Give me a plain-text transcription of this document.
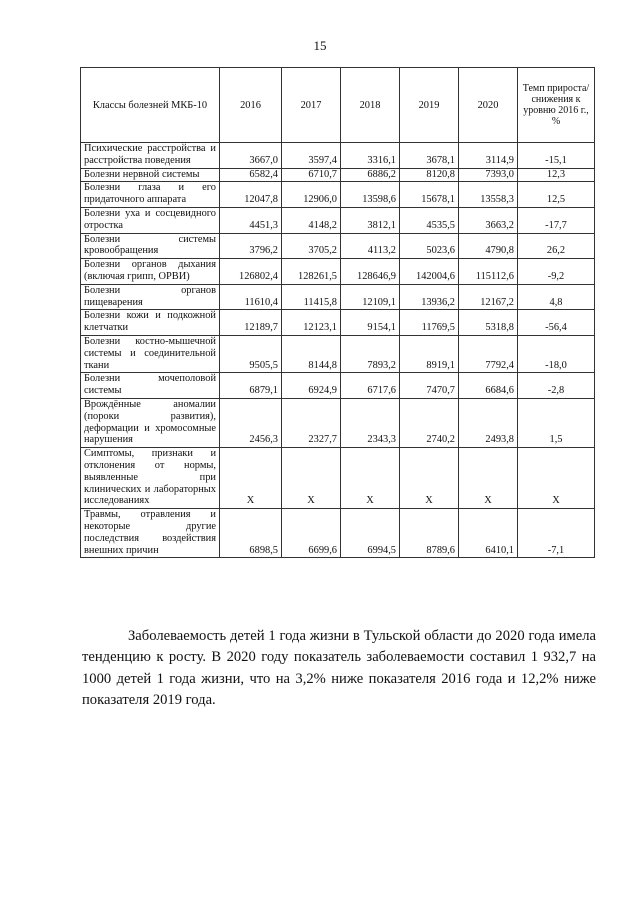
15
Классы болезней МКБ-10	2016	2017	2018	2019	2020	Темп прироста/ снижения к уровню 2016 г., %
Психические расстройства и расстройства поведения	3667,0	3597,4	3316,1	3678,1	3114,9	-15,1
Болезни нервной системы	6582,4	6710,7	6886,2	8120,8	7393,0	12,3
Болезни глаза и его придаточного аппарата	12047,8	12906,0	13598,6	15678,1	13558,3	12,5
Болезни уха и сосцевидного отростка	4451,3	4148,2	3812,1	4535,5	3663,2	-17,7
Болезни системы кровообращения	3796,2	3705,2	4113,2	5023,6	4790,8	26,2
Болезни органов дыхания (включая грипп, ОРВИ)	126802,4	128261,5	128646,9	142004,6	115112,6	-9,2
Болезни органов пищеварения	11610,4	11415,8	12109,1	13936,2	12167,2	4,8
Болезни кожи и подкожной клетчатки	12189,7	12123,1	9154,1	11769,5	5318,8	-56,4
Болезни костно-мышечной системы и соединительной ткани	9505,5	8144,8	7893,2	8919,1	7792,4	-18,0
Болезни мочеполовой системы	6879,1	6924,9	6717,6	7470,7	6684,6	-2,8
Врождённые аномалии (пороки развития), деформации и хромосомные нарушения	2456,3	2327,7	2343,3	2740,2	2493,8	1,5
Симптомы, признаки и отклонения от нормы, выявленные при клинических и лабораторных исследованиях	X	X	X	X	X	X
Травмы, отравления и некоторые другие последствия воздействия внешних причин	6898,5	6699,6	6994,5	8789,6	6410,1	-7,1

Заболеваемость детей 1 года жизни в Тульской области до 2020 года имела тенденцию к росту. В 2020 году показатель заболеваемости составил 1 932,7 на 1000 детей 1 года жизни, что на 3,2% ниже показателя 2016 года и 12,2% ниже показателя 2019 года.
